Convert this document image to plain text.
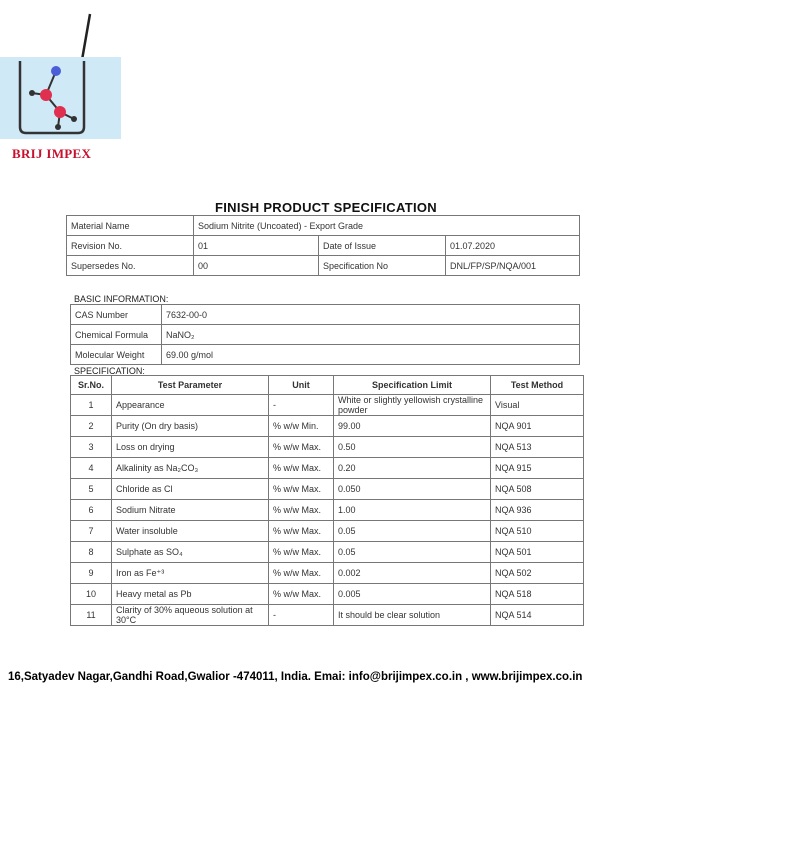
BRIJ IMPEX
FINISH PRODUCT SPECIFICATION
Material Name	Sodium Nitrite (Uncoated) - Export Grade		
Revision No.	01	Date of Issue	01.07.2020
Supersedes No.	00	Specification No	DNL/FP/SP/NQA/001
BASIC INFORMATION:
CAS Number	7632-00-0
Chemical Formula	NaNO₂
Molecular Weight	69.00 g/mol
SPECIFICATION:
Sr.No.	Test Parameter	Unit	Specification Limit	Test Method
1	Appearance	-	White or slightly yellowish crystalline powder	Visual
2	Purity (On dry basis)	% w/w Min.	99.00	NQA 901
3	Loss on drying	% w/w Max.	0.50	NQA 513
4	Alkalinity as Na₂CO₃	% w/w Max.	0.20	NQA 915
5	Chloride as Cl	% w/w Max.	0.050	NQA 508
6	Sodium Nitrate	% w/w Max.	1.00	NQA 936
7	Water insoluble	% w/w Max.	0.05	NQA 510
8	Sulphate as SO₄	% w/w Max.	0.05	NQA 501
9	Iron as Fe⁺³	% w/w Max.	0.002	NQA 502
10	Heavy metal as Pb	% w/w Max.	0.005	NQA 518
11	Clarity of 30% aqueous solution at 30°C	-	It should be clear solution	NQA 514
16,Satyadev Nagar,Gandhi Road,Gwalior -474011, India. Emai: info@brijimpex.co.in , www.brijimpex.co.in
